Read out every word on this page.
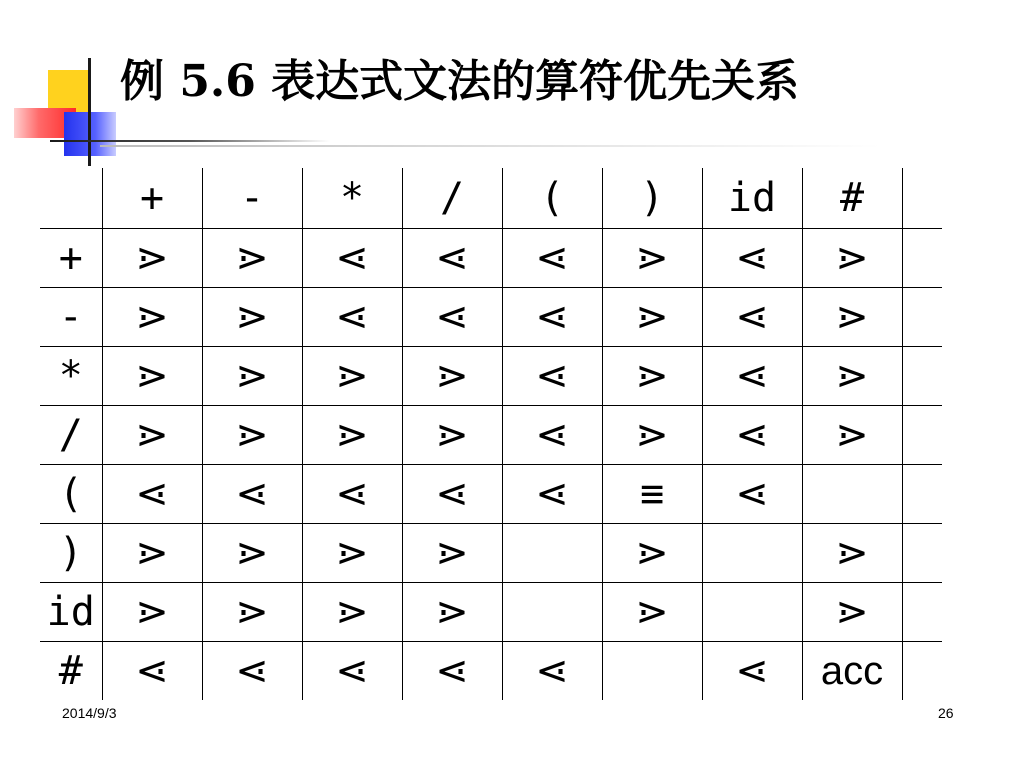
例 5.6 表达式文法的算符优先关系
	+	-	*	/	(	)	id	#	
+	⋗	⋗	⋖	⋖	⋖	⋗	⋖	⋗	
-	⋗	⋗	⋖	⋖	⋖	⋗	⋖	⋗	
*	⋗	⋗	⋗	⋗	⋖	⋗	⋖	⋗	
/	⋗	⋗	⋗	⋗	⋖	⋗	⋖	⋗	
(	⋖	⋖	⋖	⋖	⋖	≡	⋖		
)	⋗	⋗	⋗	⋗		⋗		⋗	
id	⋗	⋗	⋗	⋗		⋗		⋗	
#	⋖	⋖	⋖	⋖	⋖		⋖	acc	
2014/9/3	26
